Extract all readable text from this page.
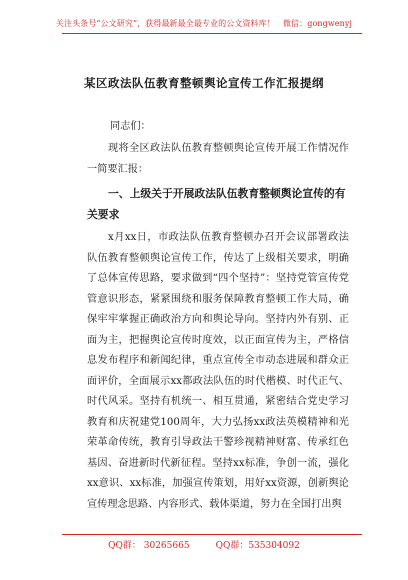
关注头条号“公文研究”，获得最新最全最专业的公文资料库！　微信：gongwenyj
某区政法队伍教育整顿舆论宣传工作汇报提纲
同志们：
现将全区政法队伍教育整顿舆论宣传开展工作情况作一简要汇报：
一、上级关于开展政法队伍教育整顿舆论宣传的有关要求
x月xx日，市政法队伍教育整顿办召开会议部署政法队伍教育整顿舆论宣传工作，传达了上级相关要求，明确了总体宣传思路，要求做到“四个坚持”：坚持党管宣传党管意识形态，紧紧围绕和服务保障教育整顿工作大局，确保牢牢掌握正确政治方向和舆论导向。坚持内外有别、正面为主，把握舆论宣传时度效，以正面宣传为主，严格信息发布程序和新闻纪律，重点宣传全市动态进展和群众正面评价，全面展示xx都政法队伍的时代楷模、时代正气、时代风采。坚持有机统一、相互贯通，紧密结合党史学习教育和庆祝建党100周年，大力弘扬xx政法英模精神和光荣革命传统，教育引导政法干警珍视精神财富、传承红色基因、奋进新时代新征程。坚持xx标准，争创一流，强化xx意识、xx标准，加强宣传策划，用好xx资源，创新舆论宣传理念思路、内容形式、载体渠道，努力在全国打出舆
QQ群： 30265665	QQ群：535304092
